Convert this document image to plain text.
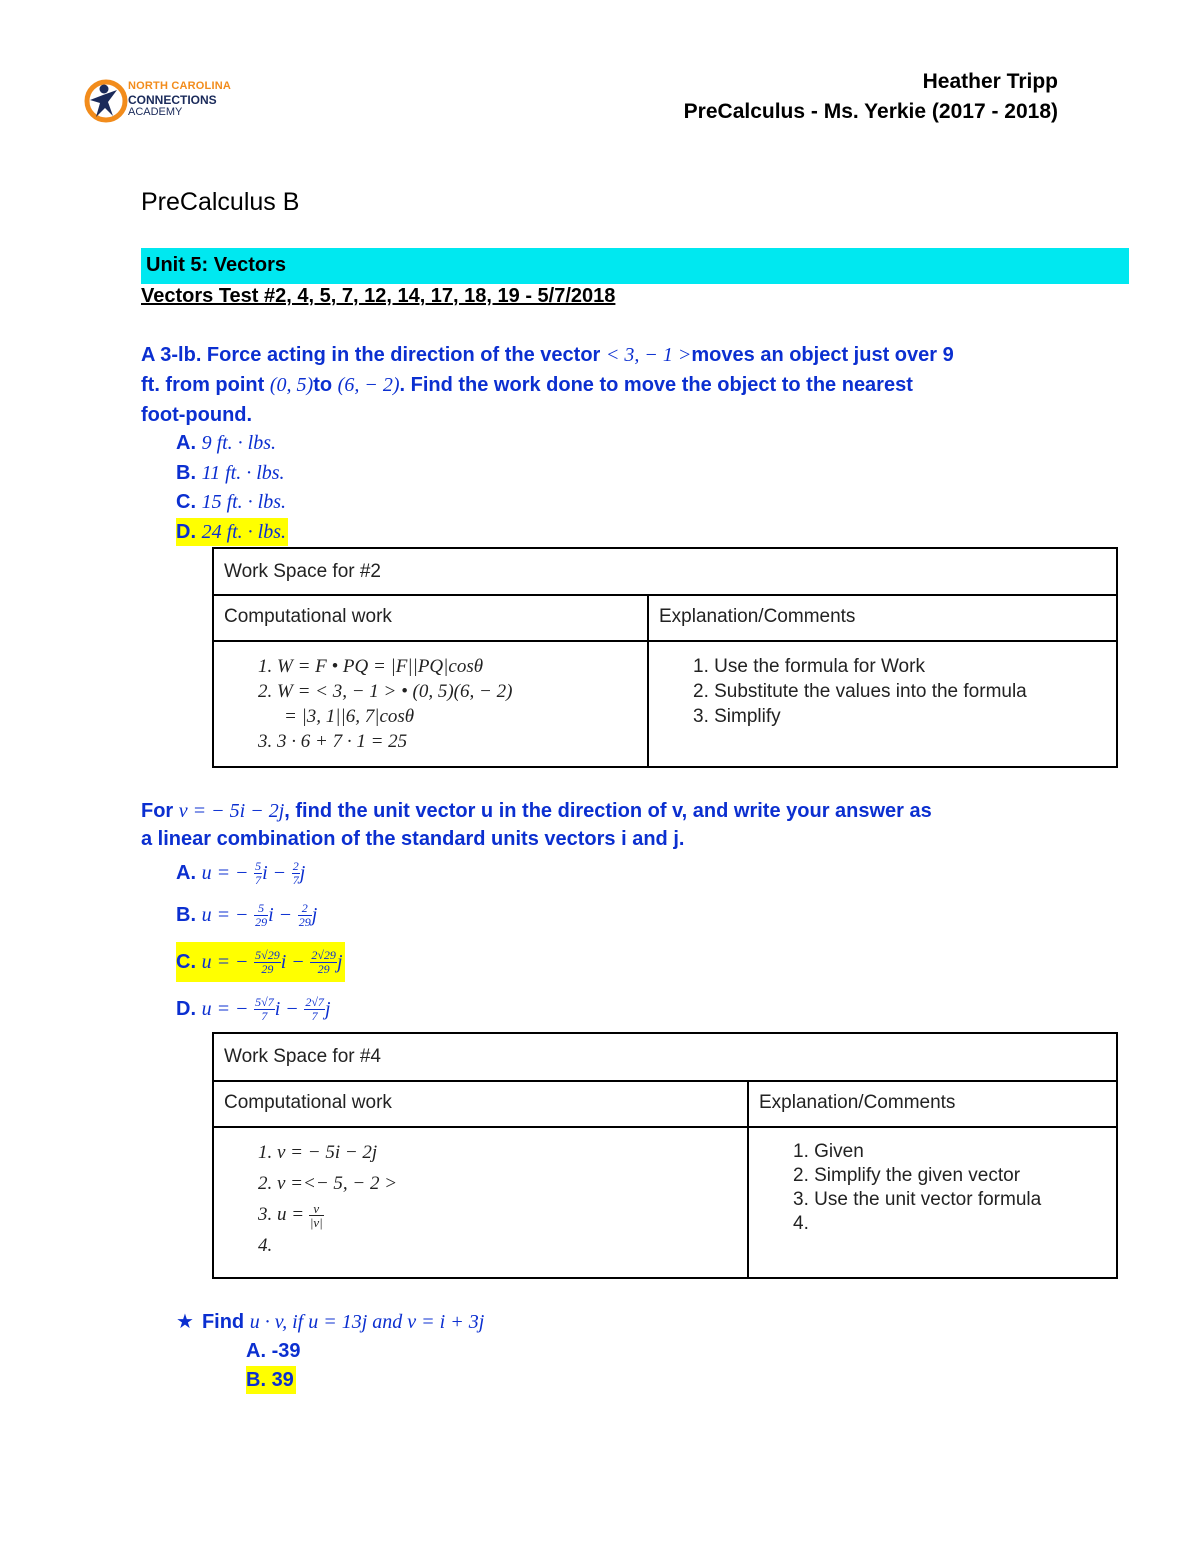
NORTH CAROLINA
CONNECTIONS
ACADEMY
Heather Tripp
PreCalculus - Ms. Yerkie (2017 - 2018)
PreCalculus B
Unit 5: Vectors
Vectors Test #2, 4, 5, 7, 12, 14, 17, 18, 19 - 5/7/2018
A 3-lb. Force acting in the direction of the vector < 3, − 1 >moves an object just over 9
ft. from point (0, 5)to (6, − 2). Find the work done to move the object to the nearest
foot-pound.
A. 9 ft. · lbs.
B. 11 ft. · lbs.
C. 15 ft. · lbs.
D. 24 ft. · lbs.
Work Space for #2
Computational work	Explanation/Comments
1. W = F • PQ = |F||PQ|cosθ
2. W = < 3, − 1 > • (0, 5)(6, − 2)
= |3, 1||6, 7|cosθ
3. 3 · 6 + 7 · 1 = 25
1. Use the formula for Work
2. Substitute the values into the formula
3. Simplify
For v = − 5i − 2j, find the unit vector u in the direction of v, and write your answer as
a linear combination of the standard units vectors i and j.
A. u = − $\frac{5}{7}$ $i - \frac{2}{7}$ j
B. u = − $\frac{5}{29}$ $i - \frac{2}{29}$ j
C. u = − $\frac{5√29}{29}$ $i - \frac{2√29}{29}$ j
D. u = − $\frac{5√7}{7}$ $i - \frac{2√7}{7}$ j
Work Space for #4
Computational work	Explanation/Comments
1. v = − 5i − 2j
2. v =<− 5, − 2 >
3. $u = \frac{v}{|v|}$
4.
1. Given
2. Simplify the given vector
3. Use the unit vector formula
4.
★ Find u · v, if u = 13j and v = i + 3j
A. -39
B. 39
